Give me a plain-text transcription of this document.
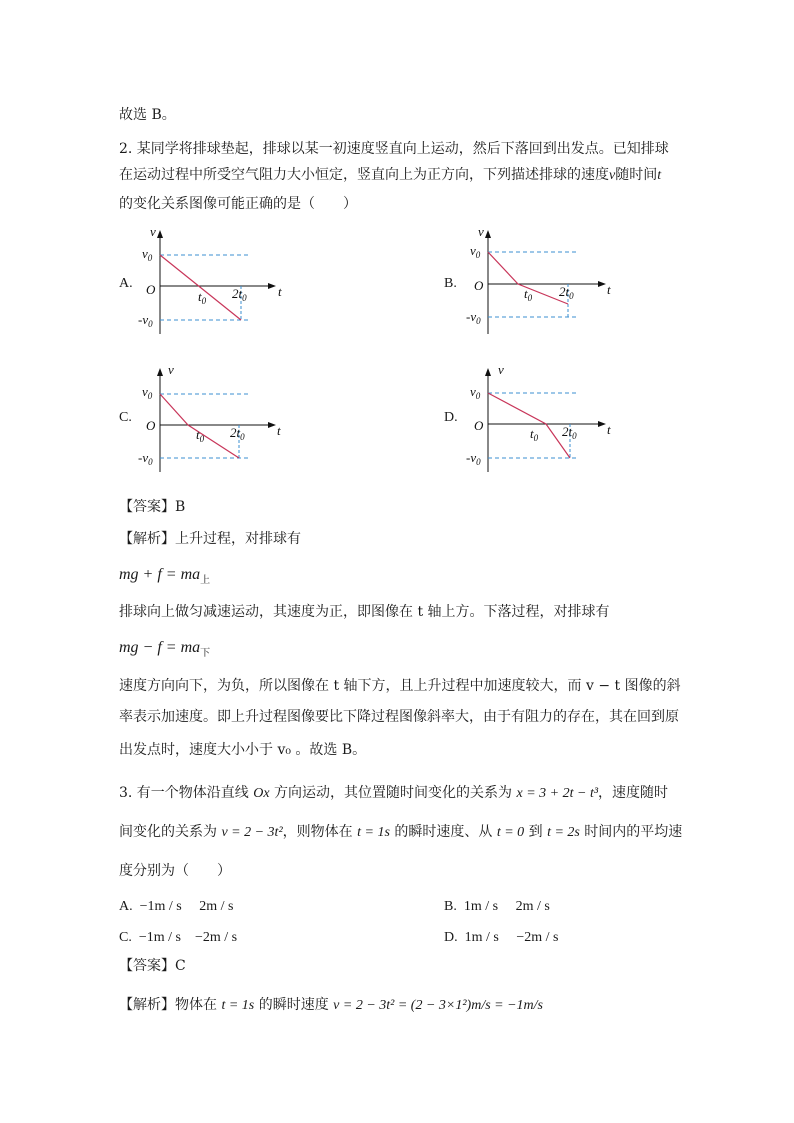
故选 B。
2. 某同学将排球垫起，排球以某一初速度竖直向上运动，然后下落回到出发点。已知排球
在运动过程中所受空气阻力大小恒定，竖直向上为正方向，下列描述排球的速度v随时间t
的变化关系图像可能正确的是（　　）
A.	B.
C.	D.
v
$v_0$
O
$-v_0$
$t_0$ $2t_0$ t
v
$v_0$
O
$-v_0$
$t_0$ $2t_0$	t
v
$v_0$
O
$-v_0$
$t_0$ $2t_0$ t
v
$v_0$
O
$-v_0$
$t_0$ $2t_0$ t
【答案】B
【解析】上升过程，对排球有
mg + $f = ma_上$
排球向上做匀减速运动，其速度为正，即图像在 t 轴上方。下落过程，对排球有
mg − $f = ma_下$
速度方向向下，为负，所以图像在 t 轴下方，且上升过程中加速度较大，而 v − t 图像的斜
率表示加速度。即上升过程图像要比下降过程图像斜率大，由于有阻力的存在，其在回到原
出发点时，速度大小小于 v₀ 。故选 B。
3. 有一个物体沿直线 Ox 方向运动，其位置随时间变化的关系为 x = 3 + 2t − t³，速度随时
间变化的关系为 v = 2 − 3t²，则物体在 t = 1s 的瞬时速度、从 t = 0 到 t = 2s 时间内的平均速
度分别为（　　）
A. −1m / s　 2m / s	B. 1m / s　 2m / s
C. −1m / s　−2m / s	D. 1m / s　 −2m / s
【答案】C
【解析】物体在 t = 1s 的瞬时速度 v = 2 − 3t² = (2 − 3×1²)m/s = −1m/s
